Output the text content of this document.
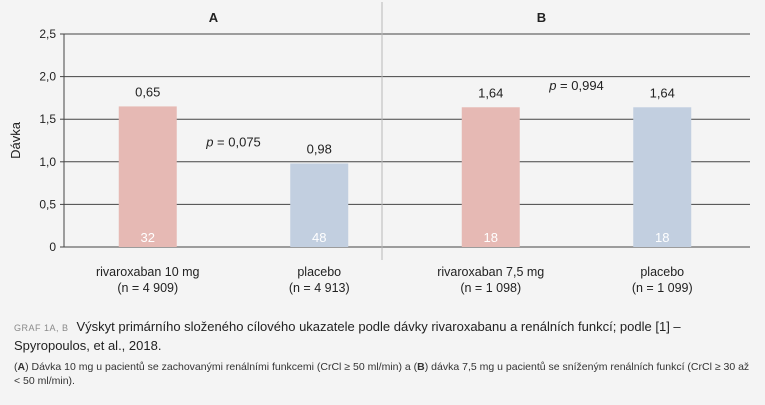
0
0,5
1,0
1,5
2,0
2,5
Dávka
A
0,65
32
rivaroxaban 10 mg
(n = 4 909)
0,98
48
placebo
(n = 4 913)
p = 0,075
B
1,64
18
rivaroxaban 7,5 mg
(n = 1 098)
1,64
18
placebo
(n = 1 099)
p = 0,994
GRAF 1A, B Výskyt primárního složeného cílového ukazatele podle dávky rivaroxabanu a renálních funkcí; podle [1] – Spyropoulos, et al., 2018.
(A) Dávka 10 mg u pacientů se zachovanými renálními funkcemi (CrCl ≥ 50 ml/min) a (B) dávka 7,5 mg u pacientů se sníženým renálních funkcí (CrCl ≥ 30 až < 50 ml/min).
